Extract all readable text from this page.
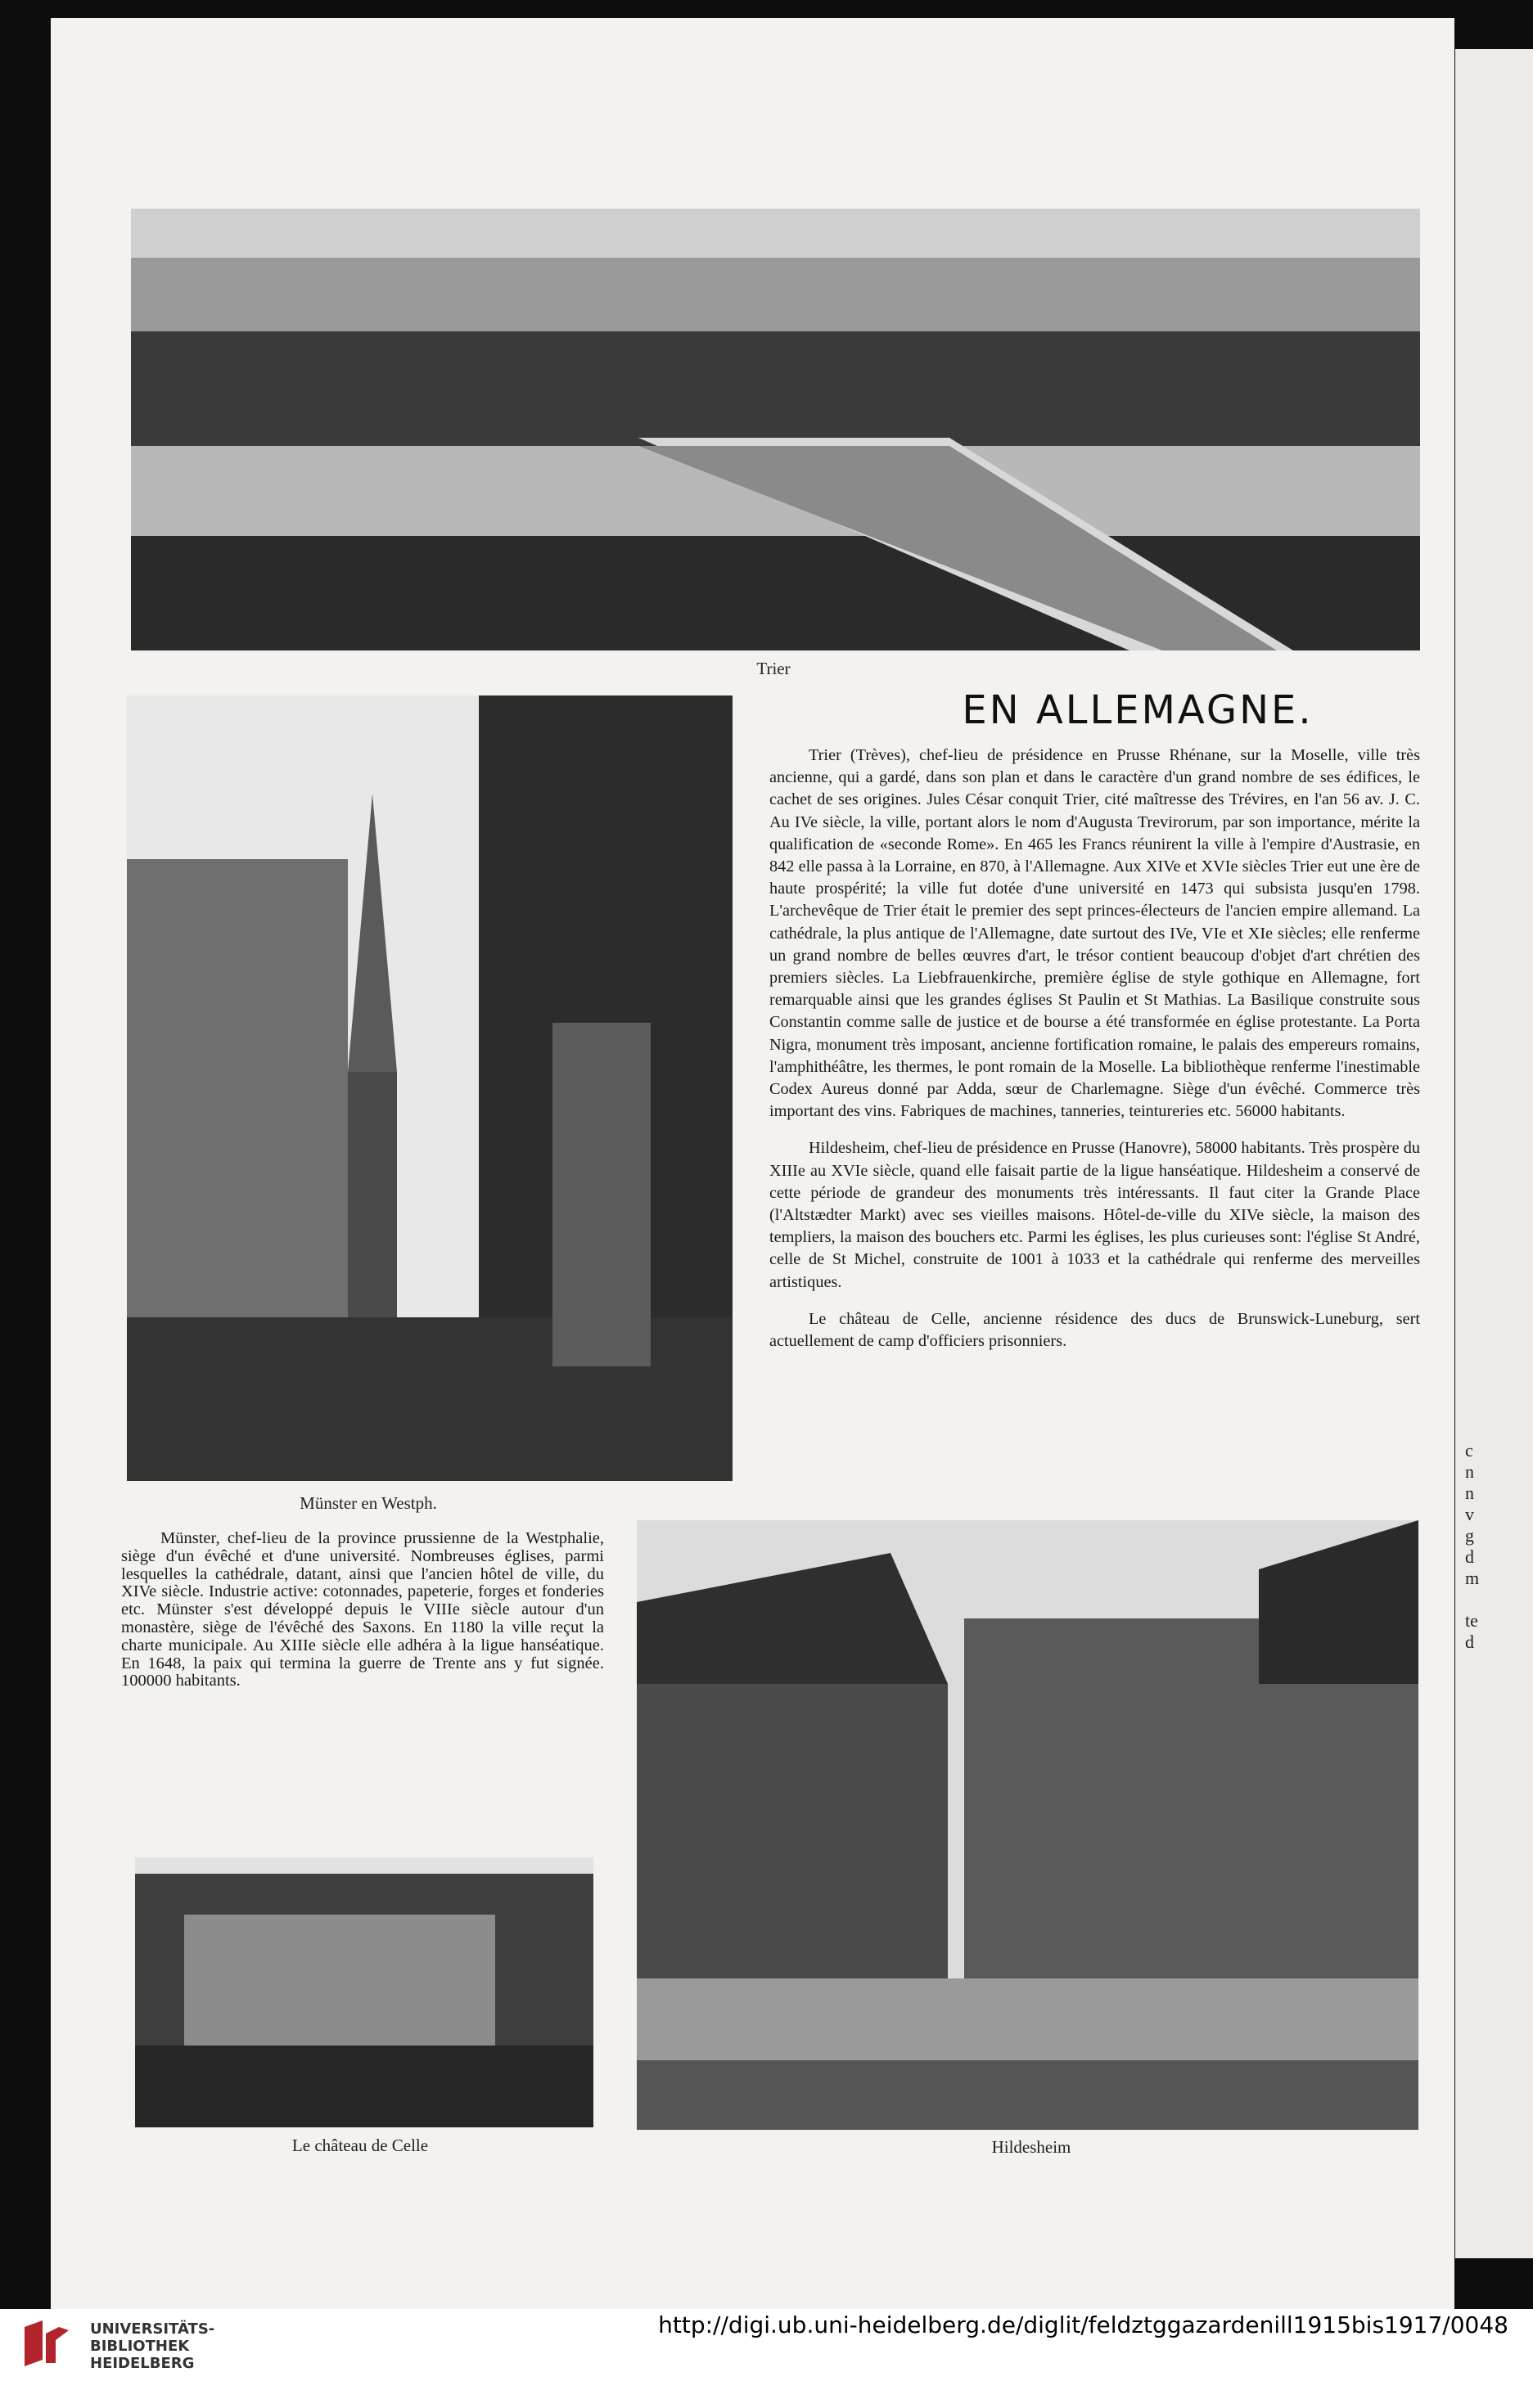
c
n
n
v
g
d
m

te
d
Trier
EN ALLEMAGNE.
Münster en Westph.

Trier (Trèves), chef-lieu de présidence en Prusse Rhénane, sur la Moselle, ville très ancienne, qui a gardé, dans son plan et dans le caractère d'un grand nombre de ses édifices, le cachet de ses origines. Jules César conquit Trier, cité maîtresse des Trévires, en l'an 56 av. J. C. Au IVe siècle, la ville, portant alors le nom d'Augusta Trevirorum, par son importance, mérite la qualification de «seconde Rome». En 465 les Francs réunirent la ville à l'empire d'Austrasie, en 842 elle passa à la Lorraine, en 870, à l'Allemagne. Aux XIVe et XVIe siècles Trier eut une ère de haute prospérité; la ville fut dotée d'une université en 1473 qui subsista jusqu'en 1798. L'archevêque de Trier était le premier des sept princes-électeurs de l'ancien empire allemand. La cathédrale, la plus antique de l'Allemagne, date surtout des IVe, VIe et XIe siècles; elle renferme un grand nombre de belles œuvres d'art, le trésor contient beaucoup d'objet d'art chrétien des premiers siècles. La Liebfrauenkirche, première église de style gothique en Allemagne, fort remarquable ainsi que les grandes églises St Paulin et St Mathias. La Basilique construite sous Constantin comme salle de justice et de bourse a été transformée en église protestante. La Porta Nigra, monument très imposant, ancienne fortification romaine, le palais des empereurs romains, l'amphithéâtre, les thermes, le pont romain de la Moselle. La bibliothèque renferme l'inestimable Codex Aureus donné par Adda, sœur de Charlemagne. Siège d'un évêché. Commerce très important des vins. Fabriques de machines, tanneries, teintureries etc. 56000 habitants.

Hildesheim, chef-lieu de présidence en Prusse (Hanovre), 58000 habitants. Très prospère du XIIIe au XVIe siècle, quand elle faisait partie de la ligue hanséatique. Hildesheim a conservé de cette période de grandeur des monuments très intéressants. Il faut citer la Grande Place (l'Altstædter Markt) avec ses vieilles maisons. Hôtel-de-ville du XIVe siècle, la maison des templiers, la maison des bouchers etc. Parmi les églises, les plus curieuses sont: l'église St André, celle de St Michel, construite de 1001 à 1033 et la cathédrale qui renferme des merveilles artistiques.

Le château de Celle, ancienne résidence des ducs de Brunswick-Luneburg, sert actuellement de camp d'officiers prisonniers.

Münster, chef-lieu de la province prussienne de la Westphalie, siège d'un évêché et d'une université. Nombreuses églises, parmi lesquelles la cathédrale, datant, ainsi que l'ancien hôtel de ville, du XIVe siècle. Industrie active: cotonnades, papeterie, forges et fonderies etc. Münster s'est développé depuis le VIIIe siècle autour d'un monastère, siège de l'évêché des Saxons. En 1180 la ville reçut la charte municipale. Au XIIIe siècle elle adhéra à la ligue hanséatique. En 1648, la paix qui termina la guerre de Trente ans y fut signée. 100000 habitants.

Le château de Celle	Hildesheim
UNIVERSITÄTS-
BIBLIOTHEK
HEIDELBERG
http://digi.ub.uni-heidelberg.de/diglit/feldztggazardenill1915bis1917/0048
